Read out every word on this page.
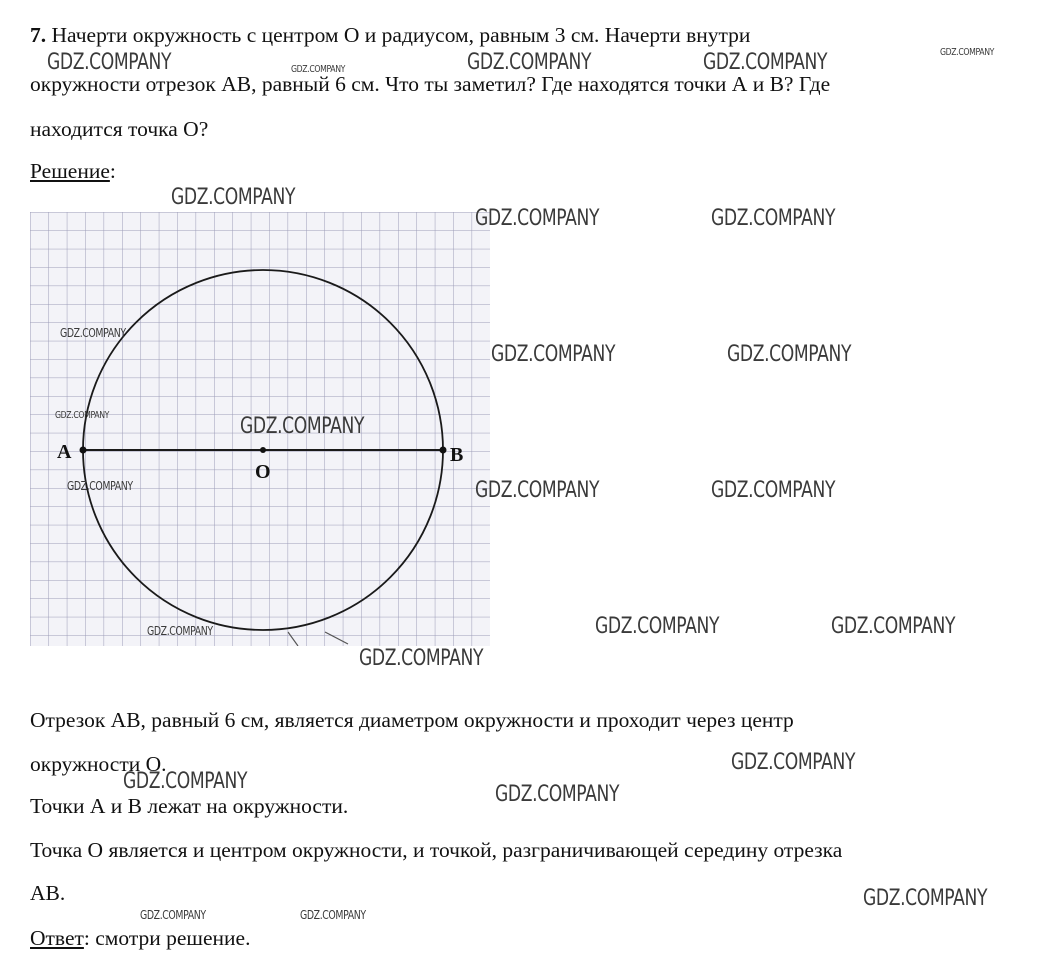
7. Начерти окружность с центром О и радиусом, равным 3 см. Начерти внутри
окружности отрезок АВ, равный 6 см. Что ты заметил? Где находятся точки А и В? Где
находится точка О?
Решение:
A	B
O
Отрезок АВ, равный 6 см, является диаметром окружности и проходит через центр
окружности О.
Точки А и В лежат на окружности.
Точка О является и центром окружности, и точкой, разграничивающей середину отрезка
АВ.
Ответ: смотри решение.
GDZ.COMPANY	GDZ.COMPANY	GDZ.COMPANY	GDZ.COMPANY	GDZ.COMPANY
GDZ.COMPANY
GDZ.COMPANY	GDZ.COMPANY
GDZ.COMPANY
GDZ.COMPANY	GDZ.COMPANY
GDZ.COMPANY	GDZ.COMPANY
GDZ.COMPANY	GDZ.COMPANY	GDZ.COMPANY
GDZ.COMPANY	GDZ.COMPANY
GDZ.COMPANY
GDZ.COMPANY
GDZ.COMPANY
GDZ.COMPANY
GDZ.COMPANY
GDZ.COMPANY
GDZ.COMPANY	GDZ.COMPANY
